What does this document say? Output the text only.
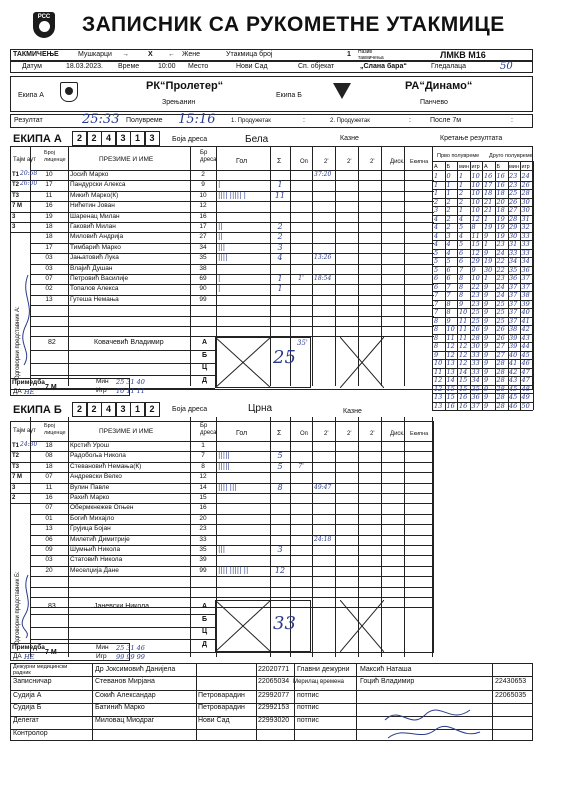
РСС ЗАПИСНИК СА РУКОМЕТНЕ УТАКМИЦЕ
ТАКМИЧЕЊЕ	Мушкарци →	X ← Жене	Утакмица број	1 Назив такмичења	ЛМКВ М16
Датум	18.03.2023. Време	10:00 Место	Нови Сад	Сп. објекат	„Слана бара“	Гледалаца	50
Екипа А
РК“Пролетер“
Зрењанин
Екипа Б
РА“Динамо“
Панчево
Резултат	25:33 Полувреме 15:16	1. Продужетак	:	2. Продужетак	:	После 7м	:
ЕКИПА А	2	2	4	3	1	3	Боја дреса	Бела	Казне	Кретање резултата
Тајм аут
Број лиценце	ПРЕЗИМЕ И ИМЕ
Бр дреса	Гол	Σ	Оп	2'	2'	2'	Диск. Екипна
Прво полувреме Друго полувреме
А Б мин игр А Б мин игр
10	Јосић Марко	2	37:20
17	Пандурски Алекса	9	|	1
11	Микић Марко(К)	10	|||| ||||| |	11
16	Нићетин Јован	12
19	Шаренац Милан	16
18	Гаковић Милан	17	||	2
18	Миловић Андрија	27	||	2
17	Тимбарић Марко	34	|||	3
03	Јањатовић Лука	35	||||	4	13:26
03	Влајић Душан	38
07	Петровић Василије	69	|	1	1'	18:54
02	Топалов Алекса	90	|	1
13	Гутеша Немања	99
Т1 20:58
Т2 26:00
Т3
7 М
3
3
Одговорни представник А:	82	Ковачевић Владимир	А
Б
Ц
Д
25
35'
Примедба
ДА НЕ
7 M
Мин 25 31 40
Игр 10 11 11
1 0 1 10 16 16 23 24
1 1 1 10 17 16 23 26
1 1 2 10 18 18 25 28
2 2 2 10 21 20 26 30
3 2 1 10 21 18 27 30
4 2 4 12 1 19 28 31
4 2 5 8 19 19 29 32
4 3 4 11 9 19 30 33
4 4 5 15 1 23 31 33
5 4 6 12 9 24 33 33
5 5 6 29 19 22 34 34
5 6 7 9 30 22 35 36
6 6 8 10 1 23 36 37
6 7 8 22 9 24 37 37
7 7 8 23 9 24 37 38
7 8 9 23 9 25 37 39
7 8 10 25 9 25 37 40
8 9 11 25 9 25 37 41
8 10 11 26 9 26 38 42
8 11 11 28 9 26 39 43
8 12 12 30 9 27 39 44
9 12 12 33 9 27 40 45
10 13 12 33 9 28 41 46
11 13 14 33 9 28 42 47
12 14 15 34 9 28 43 47
12 15 15 35 9 28 45 48
13 15 16 36 9 28 45 49
13 16 16 37 9 28 46 50
ЕКИПА Б	2	2	4	3	1	2	Боја дреса	Црна	Казне
Тајм аут
Број лиценце	ПРЕЗИМЕ И ИМЕ
Бр дреса	Гол	Σ	Оп	2'	2'	2'	Диск. Екипна
18	Крстић Урош	1
08	Радобоља Никола	7	|||||	5
18	Стевановић Немања(К)	8	|||||	5	7'
07	Андревски Велко	12
11	Вулин Павле	14	|||| |||	8	49:47
16	Рахић Марко	15
07	Обермкнежев Огњен	16
01	Богић Михајло	20
13	Грујица Бојан	23
06	Милетић Димитрије	33	24:18
09	Шумњић Никола	35	|||	3
03	Статовић Никола	39
20	Меселџија Дане	99	|||| ||||| ||	12
Т1 24:30
Т2
Т3
7 М
3
2
Одговорни представник Б:	83	Јаневски Никола	А
Б
Ц
Д
33
Примедба
ДА НЕ
7 M
Мин 25 31 46
Игр 99 99 99
Дежурни медицински радник	Др Јоксимовић Данијела	22020771 Главни дежурни Максић Наташа
22430653
Записничар	Стеванов Мирјана	22065034 Мерилац времена Гоцић Владимир
22065035
Судија А	Сокић Александар	Петроварадин 22992077 потпис
Судија Б	Батинић Марко	Петроварадин 22992153 потпис
Делегат	Миловац Миодраг	Нови Сад	22993020 потпис
Контролор
